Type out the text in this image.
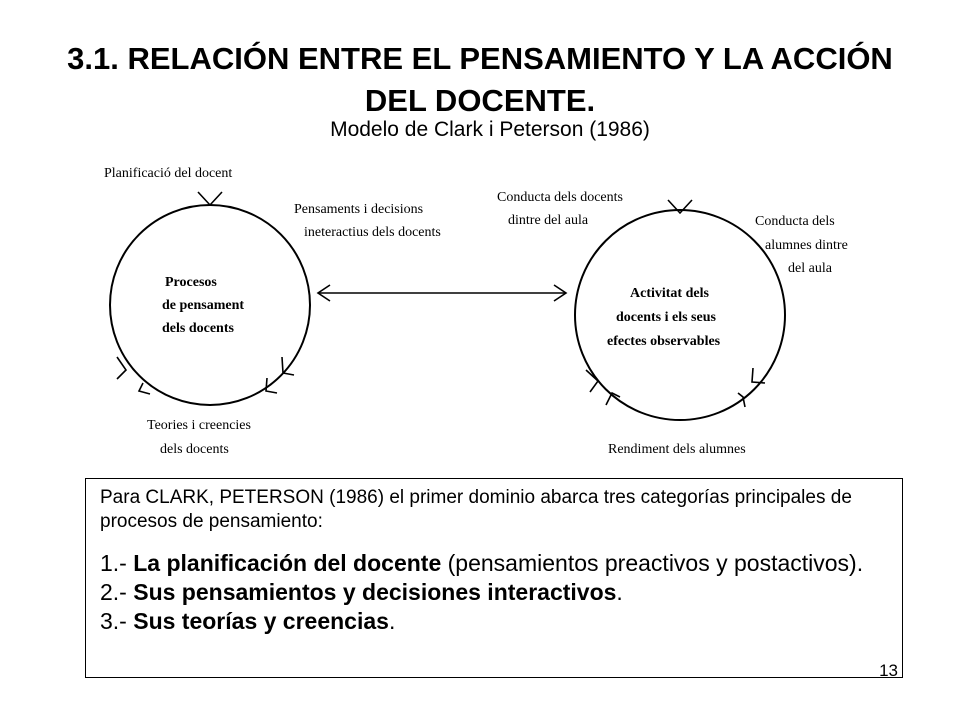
3.1. RELACIÓN ENTRE EL PENSAMIENTO Y LA ACCIÓN
DEL DOCENTE.
Modelo de Clark i Peterson (1986)
Planificació del docent
Pensaments i decisions
ineteractius dels docents
Procesos
de pensament
dels docents
Teories i creencies
dels docents
Conducta dels docents
dintre del aula	Conducta dels
alumnes dintre
del aula
Activitat dels
docents i els seus
efectes observables
Rendiment dels alumnes
Para CLARK, PETERSON (1986) el primer dominio abarca tres categorías principales de procesos de pensamiento:
1.- La planificación del docente (pensamientos preactivos y postactivos).
2.- Sus pensamientos y decisiones interactivos.
3.- Sus teorías y creencias.
13
